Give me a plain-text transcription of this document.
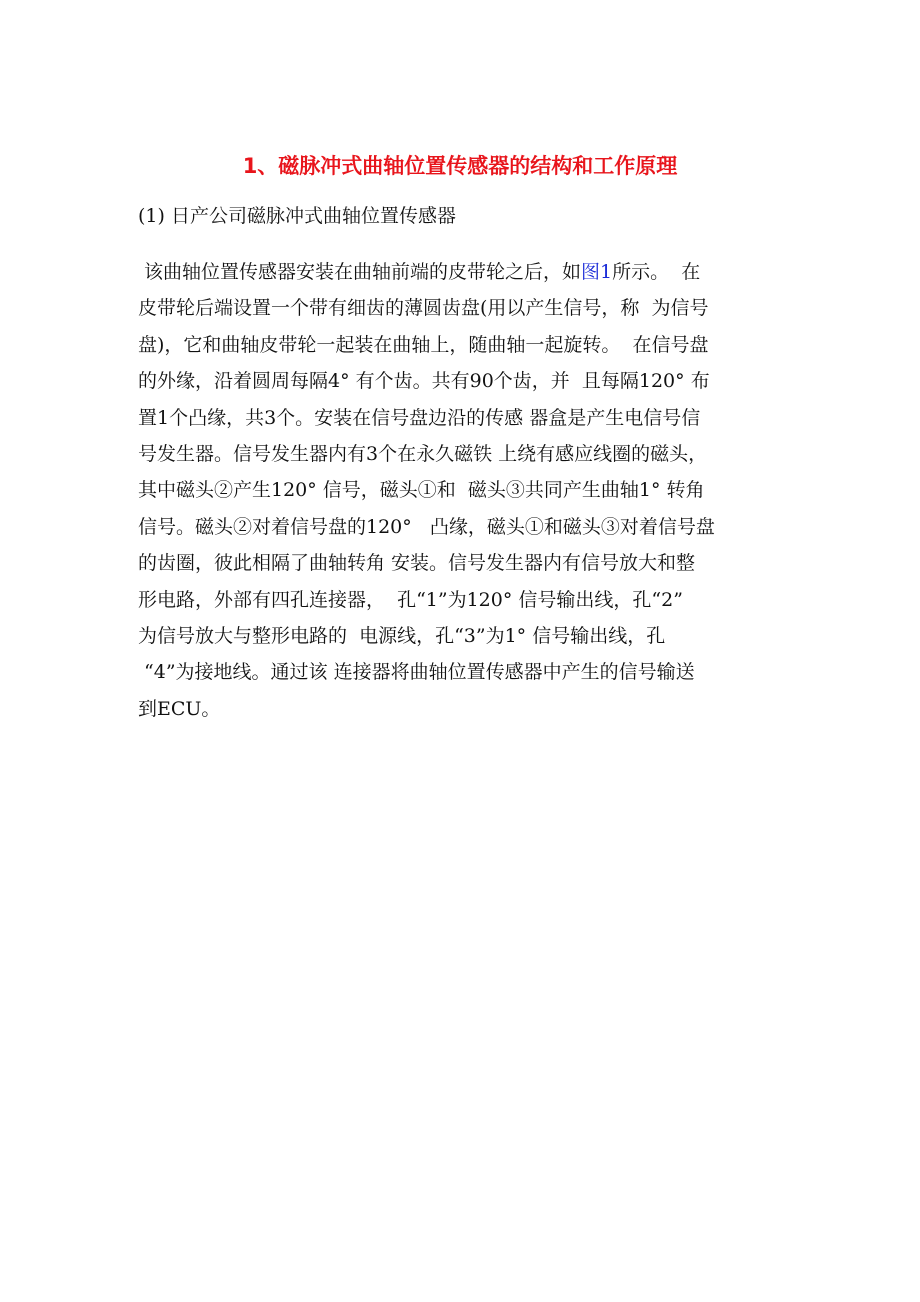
1、磁脉冲式曲轴位置传感器的结构和工作原理

(1) 日产公司磁脉冲式曲轴位置传感器

该曲轴位置传感器安装在曲轴前端的皮带轮之后，如图1所示。  在
皮带轮后端设置一个带有细齿的薄圆齿盘(用以产生信号，称  为信号
盘)，它和曲轴皮带轮一起装在曲轴上，随曲轴一起旋转。  在信号盘
的外缘，沿着圆周每隔4° 有个齿。共有90个齿，并  且每隔120° 布
置1个凸缘，共3个。安装在信号盘边沿的传感 器盒是产生电信号信
号发生器。信号发生器内有3个在永久磁铁 上绕有感应线圈的磁头，
其中磁头②产生120° 信号，磁头①和  磁头③共同产生曲轴1° 转角
信号。磁头②对着信号盘的120°   凸缘，磁头①和磁头③对着信号盘
的齿圈，彼此相隔了曲轴转角 安装。信号发生器内有信号放大和整
形电路，外部有四孔连接器，  孔“1”为120° 信号输出线，孔“2”
为信号放大与整形电路的  电源线，孔“3”为1° 信号输出线，孔
“4”为接地线。通过该 连接器将曲轴位置传感器中产生的信号输送
到ECU。
